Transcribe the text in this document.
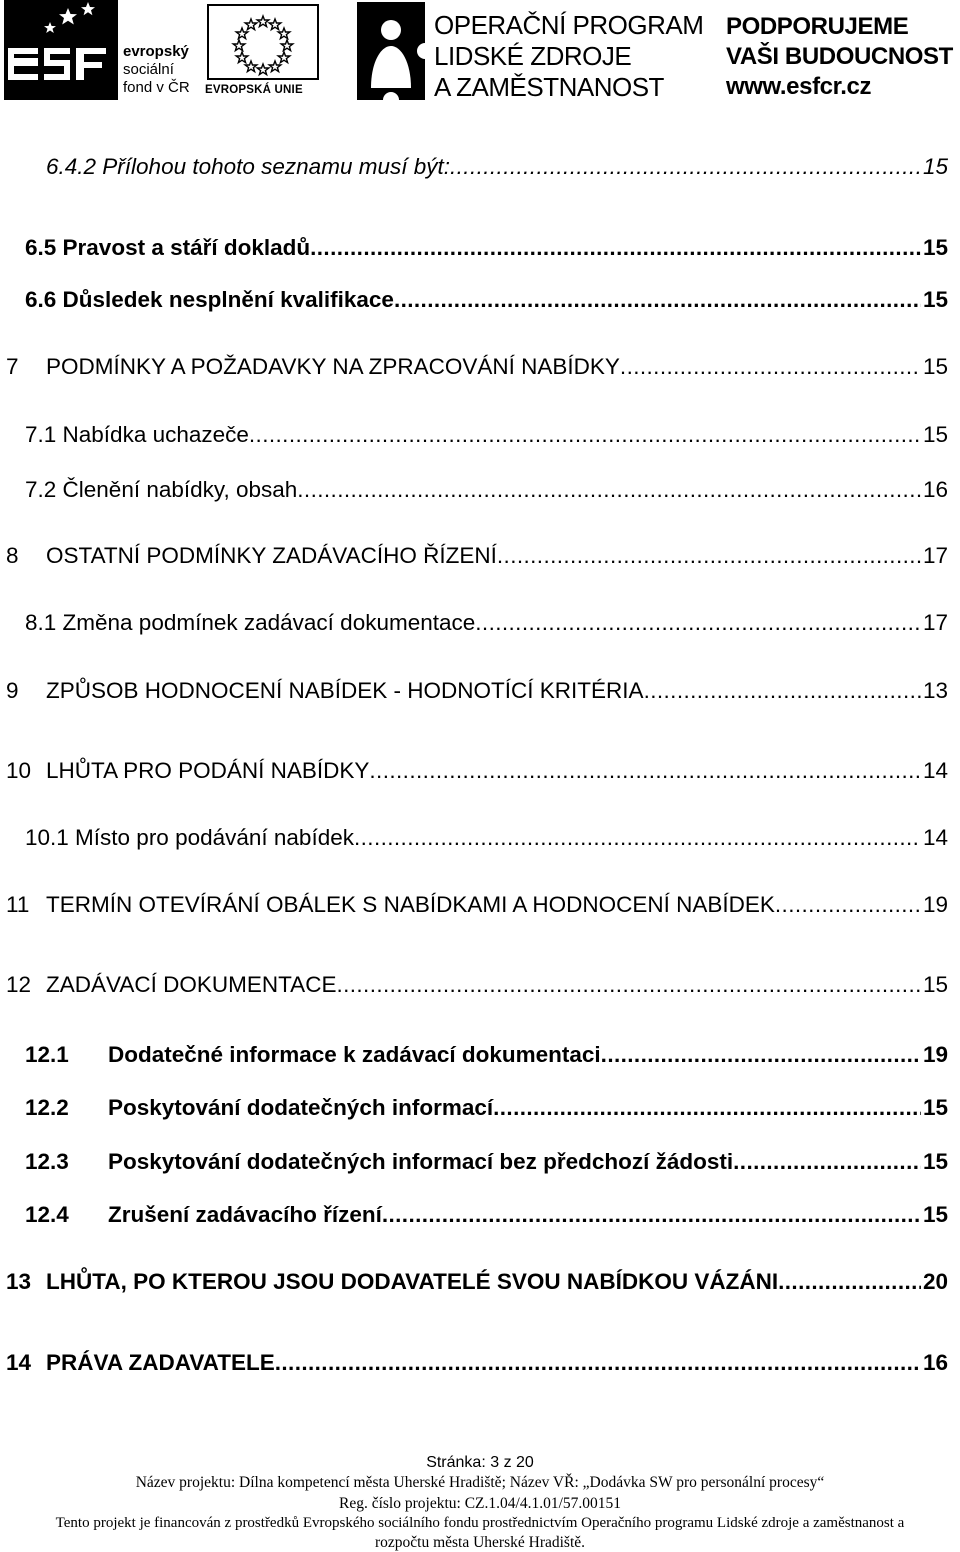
evropský
sociální
fond v ČR EVROPSKÁ UNIE
OPERAČNÍ PROGRAM
LIDSKÉ ZDROJE
A ZAMĚSTNANOST
PODPORUJEME
VAŠI BUDOUCNOST
www.esfcr.cz
6.4.2 Přílohou tohoto seznamu musí být: .....	15
6.5 Pravost a stáří dokladů .....	15
6.6 Důsledek nesplnění kvalifikace .....	15
7	PODMÍNKY A POŽADAVKY NA ZPRACOVÁNÍ NABÍDKY .....	15
7.1 Nabídka uchazeče .....	15
7.2 Členění nabídky, obsah .....	16
8	OSTATNÍ PODMÍNKY ZADÁVACÍHO ŘÍZENÍ .....	17
8.1 Změna podmínek zadávací dokumentace .....	17
9	ZPŮSOB HODNOCENÍ NABÍDEK - HODNOTÍCÍ KRITÉRIA .....	13
10 LHŮTA PRO PODÁNÍ NABÍDKY .....	14
10.1 Místo pro podávání nabídek .....	14
11 TERMÍN OTEVÍRÁNÍ OBÁLEK S NABÍDKAMI A HODNOCENÍ NABÍDEK .....	19
12 ZADÁVACÍ DOKUMENTACE .....	15
12.1	Dodatečné informace k zadávací dokumentaci .....	19
12.2	Poskytování dodatečných informací .....	15
12.3	Poskytování dodatečných informací bez předchozí žádosti .....	15
12.4	Zrušení zadávacího řízení .....	15
13 LHŮTA, PO KTEROU JSOU DODAVATELÉ SVOU NABÍDKOU VÁZÁNI .....	20
14 PRÁVA ZADAVATELE .....	16
Stránka: 3 z 20
Název projektu: Dílna kompetencí města Uherské Hradiště; Název VŘ: „Dodávka SW pro personální procesy“
Reg. číslo projektu: CZ.1.04/4.1.01/57.00151
Tento projekt je financován z prostředků Evropského sociálního fondu prostřednictvím Operačního programu Lidské zdroje a zaměstnanost a
rozpočtu města Uherské Hradiště.
